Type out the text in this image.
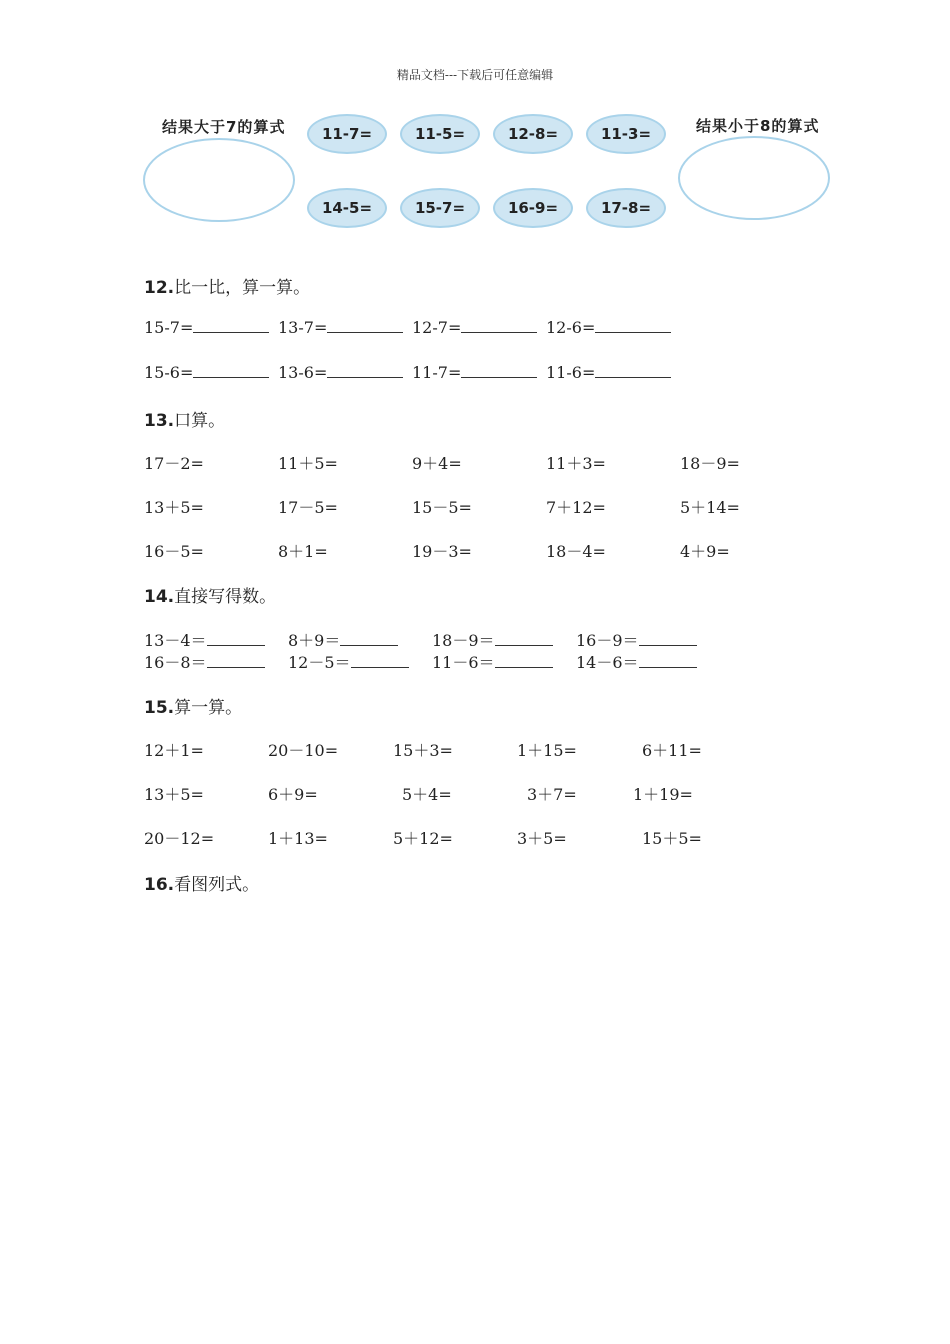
精品文档---下载后可任意编辑
结果大于7的算式	结果小于8的算式
11-7=	11-5=	12-8=	11-3=
14-5=	15-7=	16-9=	17-8=
12.比一比，算一算。
15-7=	13-7=	12-7=	12-6=
15-6=	13-6=	11-7=	11-6=
13.口算。
17－2=	11＋5=	9＋4=	11＋3=	18－9=
13＋5=	17－5=	15－5=	7＋12=	5＋14=
16－5=	8＋1=	19－3=	18－4=	4＋9=
14.直接写得数。
13－4＝	8＋9＝	18－9＝	16－9＝
16－8＝	12－5＝	11－6＝	14－6＝
15.算一算。
12＋1=	20－10=	15＋3=	1＋15=	6＋11=
13＋5=	6＋9=	5＋4=	3＋7=	1＋19=
20－12=	1＋13=	5＋12=	3＋5=	15＋5=
16.看图列式。
